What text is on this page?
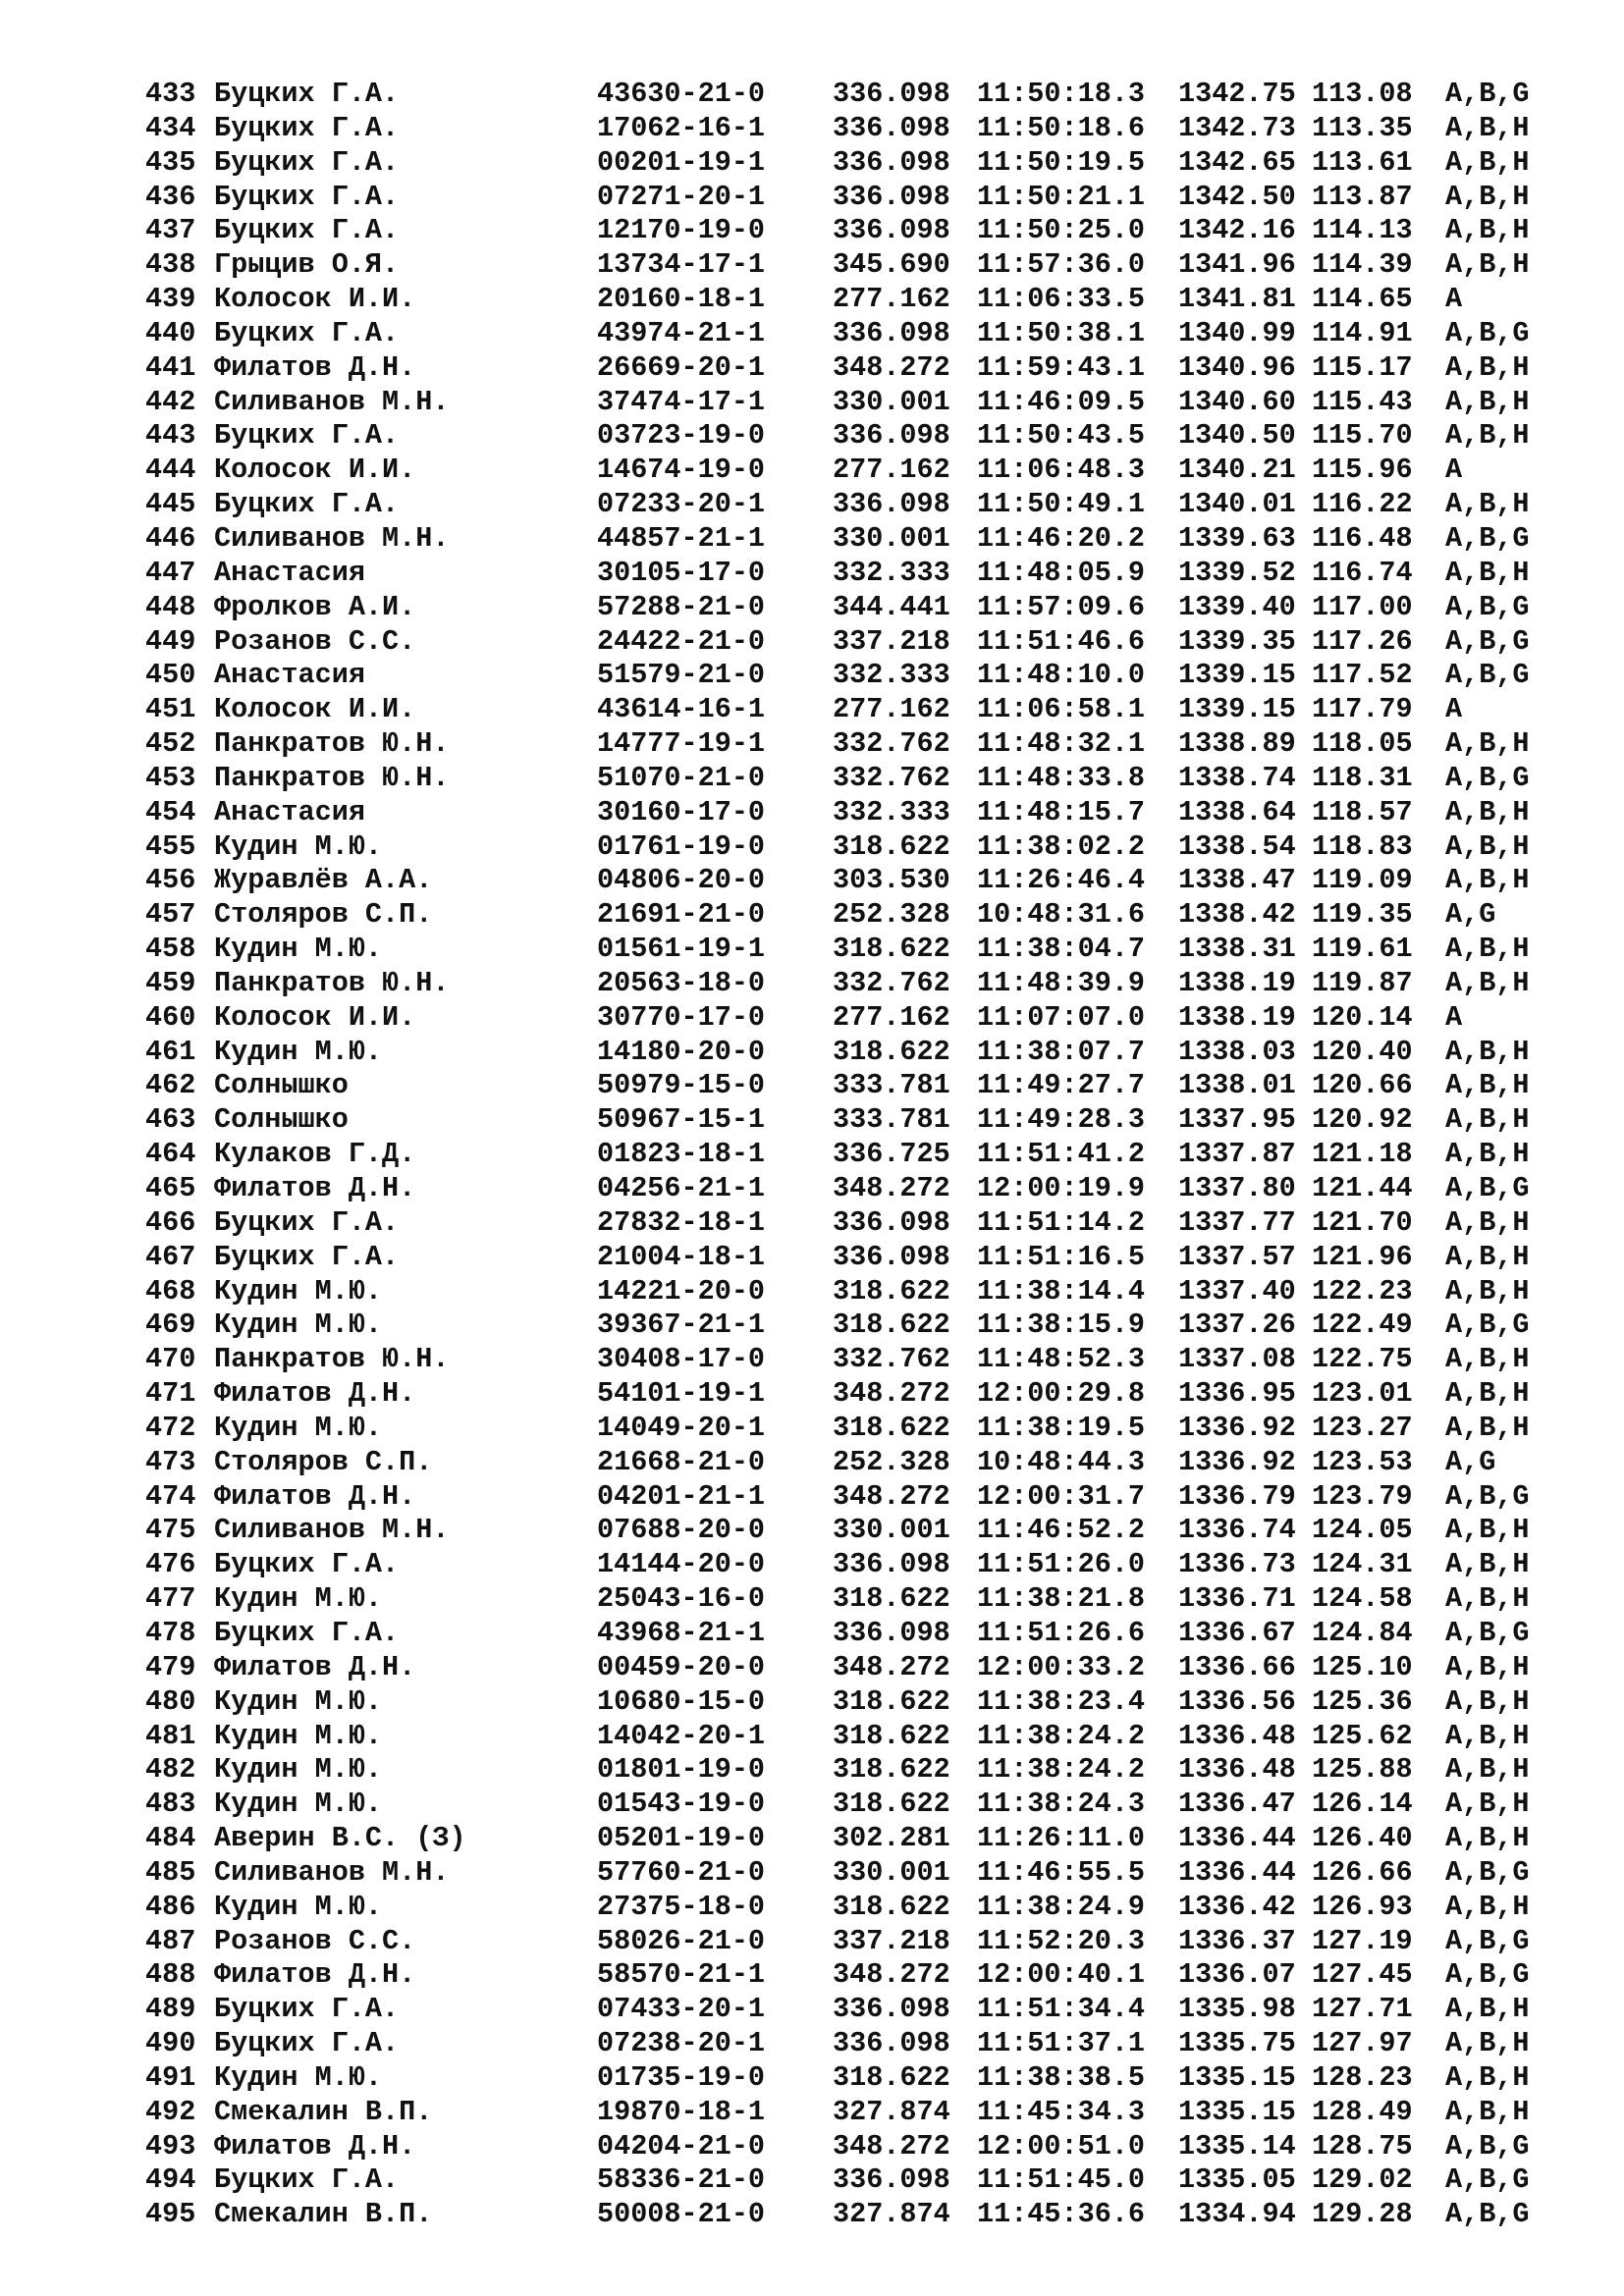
433 Буцких Г.А.	43630-21-0 336.098 11:50:18.3 1342.75 113.08 A,B,G
434 Буцких Г.А.	17062-16-1 336.098 11:50:18.6 1342.73 113.35 A,B,H
435 Буцких Г.А.	00201-19-1 336.098 11:50:19.5 1342.65 113.61 A,B,H
436 Буцких Г.А.	07271-20-1 336.098 11:50:21.1 1342.50 113.87 A,B,H
437 Буцких Г.А.	12170-19-0 336.098 11:50:25.0 1342.16 114.13 A,B,H
438 Грыцив О.Я.	13734-17-1 345.690 11:57:36.0 1341.96 114.39 A,B,H
439 Колосок И.И.	20160-18-1 277.162 11:06:33.5 1341.81 114.65 A
440 Буцких Г.А.	43974-21-1 336.098 11:50:38.1 1340.99 114.91 A,B,G
441 Филатов Д.Н.	26669-20-1 348.272 11:59:43.1 1340.96 115.17 A,B,H
442 Силиванов М.Н.	37474-17-1 330.001 11:46:09.5 1340.60 115.43 A,B,H
443 Буцких Г.А.	03723-19-0 336.098 11:50:43.5 1340.50 115.70 A,B,H
444 Колосок И.И.	14674-19-0 277.162 11:06:48.3 1340.21 115.96 A
445 Буцких Г.А.	07233-20-1 336.098 11:50:49.1 1340.01 116.22 A,B,H
446 Силиванов М.Н.	44857-21-1 330.001 11:46:20.2 1339.63 116.48 A,B,G
447 Анастасия	30105-17-0 332.333 11:48:05.9 1339.52 116.74 A,B,H
448 Фролков А.И.	57288-21-0 344.441 11:57:09.6 1339.40 117.00 A,B,G
449 Розанов С.С.	24422-21-0 337.218 11:51:46.6 1339.35 117.26 A,B,G
450 Анастасия	51579-21-0 332.333 11:48:10.0 1339.15 117.52 A,B,G
451 Колосок И.И.	43614-16-1 277.162 11:06:58.1 1339.15 117.79 A
452 Панкратов Ю.Н.	14777-19-1 332.762 11:48:32.1 1338.89 118.05 A,B,H
453 Панкратов Ю.Н.	51070-21-0 332.762 11:48:33.8 1338.74 118.31 A,B,G
454 Анастасия	30160-17-0 332.333 11:48:15.7 1338.64 118.57 A,B,H
455 Кудин М.Ю.	01761-19-0 318.622 11:38:02.2 1338.54 118.83 A,B,H
456 Журавлёв А.А.	04806-20-0 303.530 11:26:46.4 1338.47 119.09 A,B,H
457 Столяров С.П.	21691-21-0 252.328 10:48:31.6 1338.42 119.35 A,G
458 Кудин М.Ю.	01561-19-1 318.622 11:38:04.7 1338.31 119.61 A,B,H
459 Панкратов Ю.Н.	20563-18-0 332.762 11:48:39.9 1338.19 119.87 A,B,H
460 Колосок И.И.	30770-17-0 277.162 11:07:07.0 1338.19 120.14 A
461 Кудин М.Ю.	14180-20-0 318.622 11:38:07.7 1338.03 120.40 A,B,H
462 Солнышко	50979-15-0 333.781 11:49:27.7 1338.01 120.66 A,B,H
463 Солнышко	50967-15-1 333.781 11:49:28.3 1337.95 120.92 A,B,H
464 Кулаков Г.Д.	01823-18-1 336.725 11:51:41.2 1337.87 121.18 A,B,H
465 Филатов Д.Н.	04256-21-1 348.272 12:00:19.9 1337.80 121.44 A,B,G
466 Буцких Г.А.	27832-18-1 336.098 11:51:14.2 1337.77 121.70 A,B,H
467 Буцких Г.А.	21004-18-1 336.098 11:51:16.5 1337.57 121.96 A,B,H
468 Кудин М.Ю.	14221-20-0 318.622 11:38:14.4 1337.40 122.23 A,B,H
469 Кудин М.Ю.	39367-21-1 318.622 11:38:15.9 1337.26 122.49 A,B,G
470 Панкратов Ю.Н.	30408-17-0 332.762 11:48:52.3 1337.08 122.75 A,B,H
471 Филатов Д.Н.	54101-19-1 348.272 12:00:29.8 1336.95 123.01 A,B,H
472 Кудин М.Ю.	14049-20-1 318.622 11:38:19.5 1336.92 123.27 A,B,H
473 Столяров С.П.	21668-21-0 252.328 10:48:44.3 1336.92 123.53 A,G
474 Филатов Д.Н.	04201-21-1 348.272 12:00:31.7 1336.79 123.79 A,B,G
475 Силиванов М.Н.	07688-20-0 330.001 11:46:52.2 1336.74 124.05 A,B,H
476 Буцких Г.А.	14144-20-0 336.098 11:51:26.0 1336.73 124.31 A,B,H
477 Кудин М.Ю.	25043-16-0 318.622 11:38:21.8 1336.71 124.58 A,B,H
478 Буцких Г.А.	43968-21-1 336.098 11:51:26.6 1336.67 124.84 A,B,G
479 Филатов Д.Н.	00459-20-0 348.272 12:00:33.2 1336.66 125.10 A,B,H
480 Кудин М.Ю.	10680-15-0 318.622 11:38:23.4 1336.56 125.36 A,B,H
481 Кудин М.Ю.	14042-20-1 318.622 11:38:24.2 1336.48 125.62 A,B,H
482 Кудин М.Ю.	01801-19-0 318.622 11:38:24.2 1336.48 125.88 A,B,H
483 Кудин М.Ю.	01543-19-0 318.622 11:38:24.3 1336.47 126.14 A,B,H
484 Аверин В.С. (З)	05201-19-0 302.281 11:26:11.0 1336.44 126.40 A,B,H
485 Силиванов М.Н.	57760-21-0 330.001 11:46:55.5 1336.44 126.66 A,B,G
486 Кудин М.Ю.	27375-18-0 318.622 11:38:24.9 1336.42 126.93 A,B,H
487 Розанов С.С.	58026-21-0 337.218 11:52:20.3 1336.37 127.19 A,B,G
488 Филатов Д.Н.	58570-21-1 348.272 12:00:40.1 1336.07 127.45 A,B,G
489 Буцких Г.А.	07433-20-1 336.098 11:51:34.4 1335.98 127.71 A,B,H
490 Буцких Г.А.	07238-20-1 336.098 11:51:37.1 1335.75 127.97 A,B,H
491 Кудин М.Ю.	01735-19-0 318.622 11:38:38.5 1335.15 128.23 A,B,H
492 Смекалин В.П.	19870-18-1 327.874 11:45:34.3 1335.15 128.49 A,B,H
493 Филатов Д.Н.	04204-21-0 348.272 12:00:51.0 1335.14 128.75 A,B,G
494 Буцких Г.А.	58336-21-0 336.098 11:51:45.0 1335.05 129.02 A,B,G
495 Смекалин В.П.	50008-21-0 327.874 11:45:36.6 1334.94 129.28 A,B,G
